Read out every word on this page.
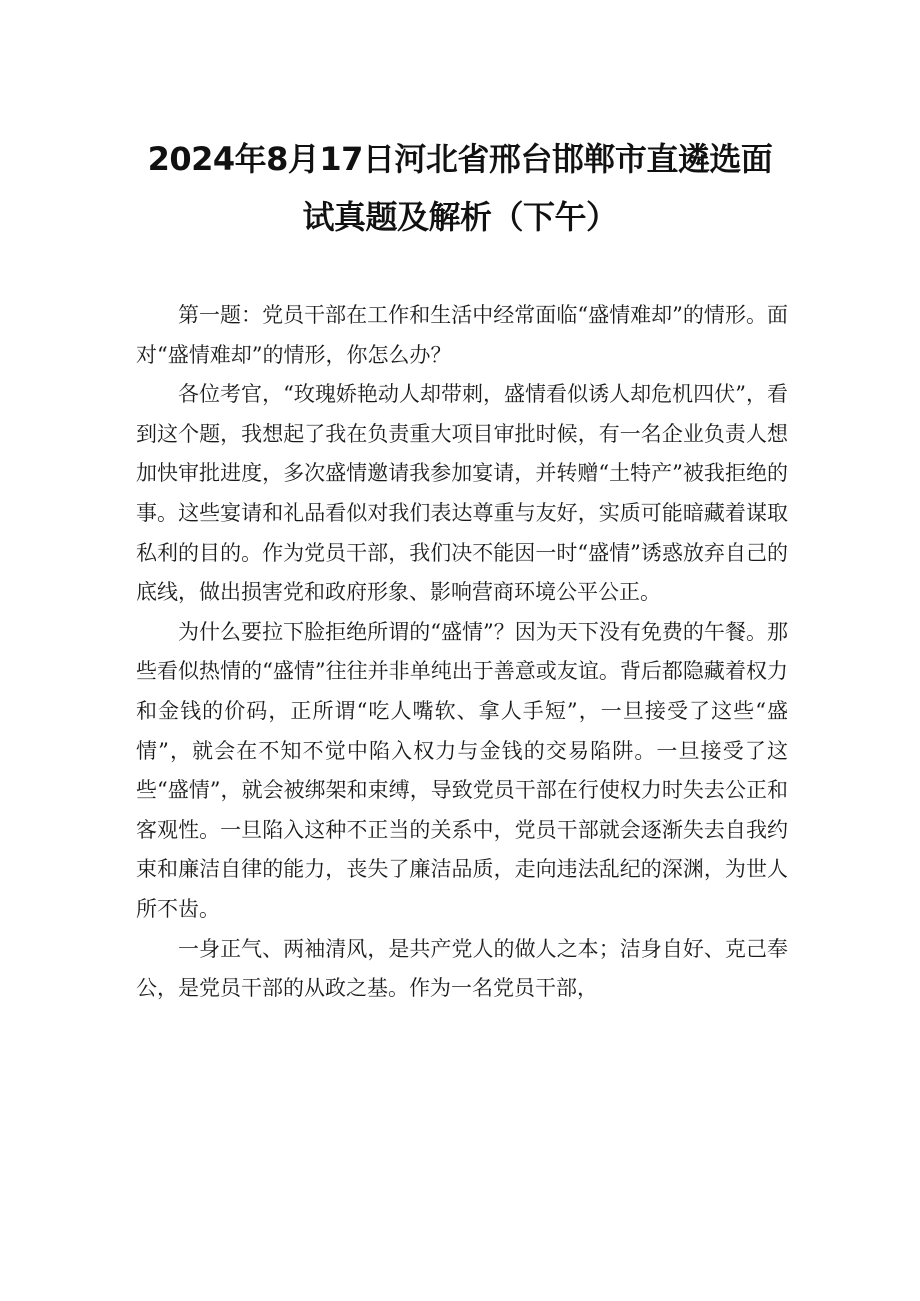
2024年8月17日河北省邢台邯郸市直遴选面
试真题及解析（下午）

第一题：党员干部在工作和生活中经常面临“盛情难却”的情形。面对“盛情难却”的情形，你怎么办？

各位考官，“玫瑰娇艳动人却带刺，盛情看似诱人却危机四伏”，看到这个题，我想起了我在负责重大项目审批时候，有一名企业负责人想加快审批进度，多次盛情邀请我参加宴请，并转赠“土特产”被我拒绝的事。这些宴请和礼品看似对我们表达尊重与友好，实质可能暗藏着谋取私利的目的。作为党员干部，我们决不能因一时“盛情”诱惑放弃自己的底线，做出损害党和政府形象、影响营商环境公平公正。

为什么要拉下脸拒绝所谓的“盛情”？因为天下没有免费的午餐。那些看似热情的“盛情”往往并非单纯出于善意或友谊。背后都隐藏着权力和金钱的价码，正所谓“吃人嘴软、拿人手短”，一旦接受了这些“盛情”，就会在不知不觉中陷入权力与金钱的交易陷阱。一旦接受了这些“盛情”，就会被绑架和束缚，导致党员干部在行使权力时失去公正和客观性。一旦陷入这种不正当的关系中，党员干部就会逐渐失去自我约束和廉洁自律的能力，丧失了廉洁品质，走向违法乱纪的深渊，为世人所不齿。

一身正气、两袖清风，是共产党人的做人之本；洁身自好、克己奉公，是党员干部的从政之基。作为一名党员干部，
